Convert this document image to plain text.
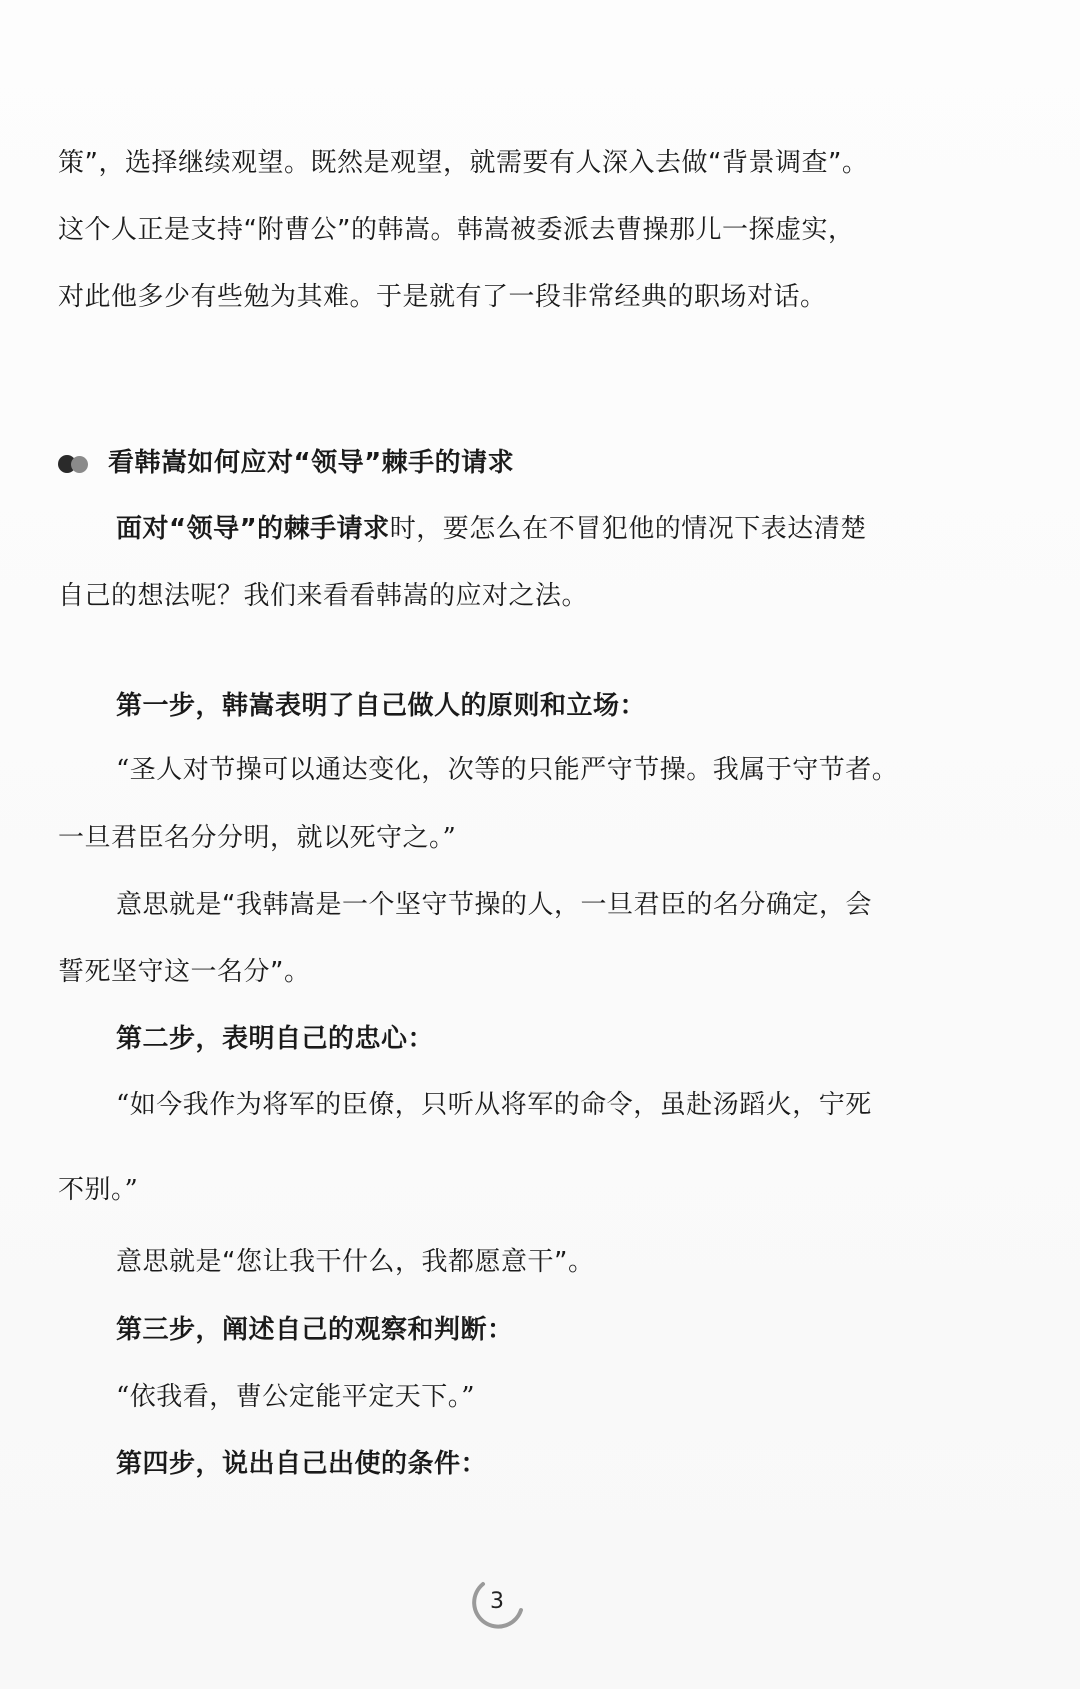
策”，选择继续观望。既然是观望，就需要有人深入去做“背景调查”。
这个人正是支持“附曹公”的韩嵩。韩嵩被委派去曹操那儿一探虚实，
对此他多少有些勉为其难。于是就有了一段非常经典的职场对话。
看韩嵩如何应对“领导”棘手的请求
面对“领导”的棘手请求时，要怎么在不冒犯他的情况下表达清楚
自己的想法呢？我们来看看韩嵩的应对之法。
第一步，韩嵩表明了自己做人的原则和立场：
“圣人对节操可以通达变化，次等的只能严守节操。我属于守节者。
一旦君臣名分分明，就以死守之。”
意思就是“我韩嵩是一个坚守节操的人，一旦君臣的名分确定，会
誓死坚守这一名分”。
第二步，表明自己的忠心：
“如今我作为将军的臣僚，只听从将军的命令，虽赴汤蹈火，宁死
不别。”
意思就是“您让我干什么，我都愿意干”。
第三步，阐述自己的观察和判断：
“依我看，曹公定能平定天下。”
第四步，说出自己出使的条件：
3
